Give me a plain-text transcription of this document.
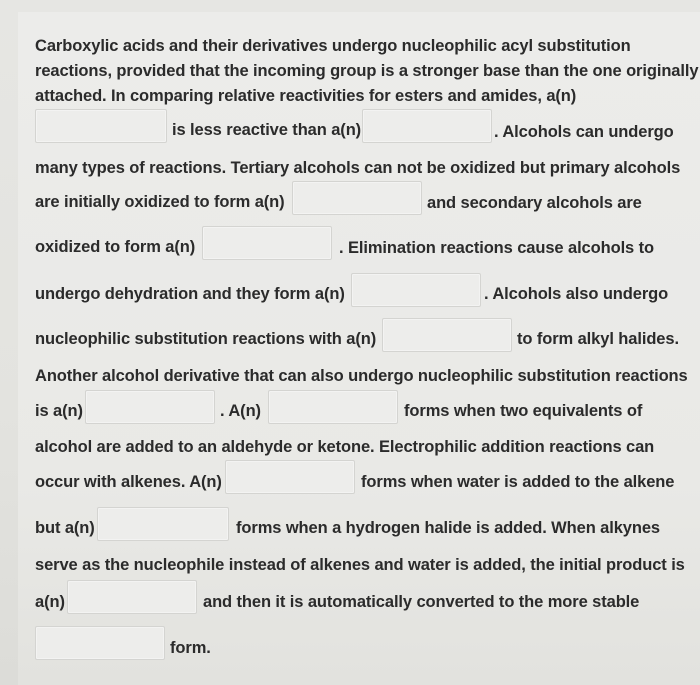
Carboxylic acids and their derivatives undergo nucleophilic acyl substitution
reactions, provided that the incoming group is a stronger base than the one originally
attached. In comparing relative reactivities for esters and amides, a(n)
is less reactive than a(n)	. Alcohols can undergo
many types of reactions. Tertiary alcohols can not be oxidized but primary alcohols
are initially oxidized to form a(n)	and secondary alcohols are
oxidized to form a(n)	. Elimination reactions cause alcohols to
undergo dehydration and they form a(n)	. Alcohols also undergo
nucleophilic substitution reactions with a(n)	to form alkyl halides.
Another alcohol derivative that can also undergo nucleophilic substitution reactions
is a(n)	. A(n)	forms when two equivalents of
alcohol are added to an aldehyde or ketone. Electrophilic addition reactions can
occur with alkenes. A(n)	forms when water is added to the alkene
but a(n)	forms when a hydrogen halide is added. When alkynes
serve as the nucleophile instead of alkenes and water is added, the initial product is
a(n)	and then it is automatically converted to the more stable
form.
